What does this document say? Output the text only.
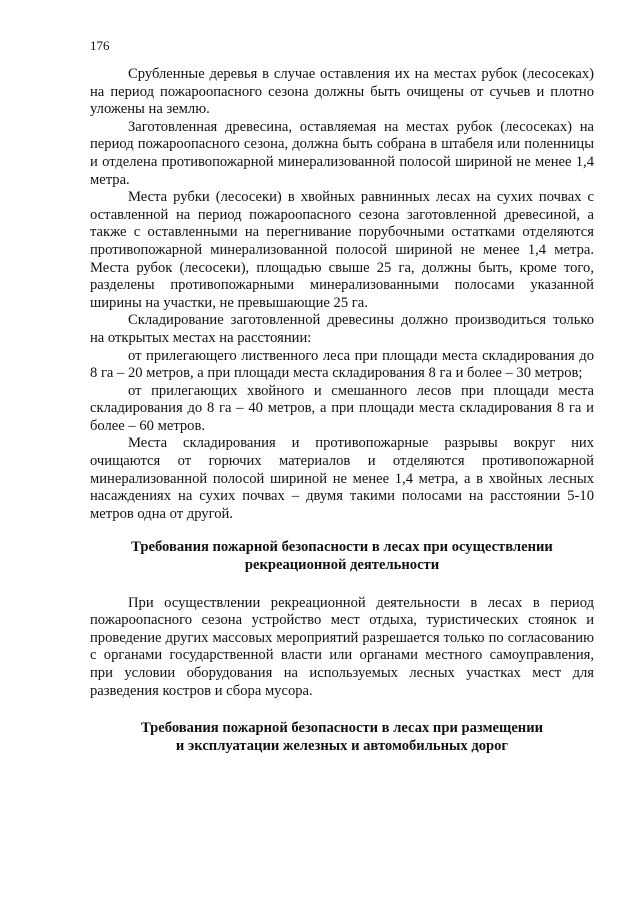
176

Срубленные деревья в случае оставления их на местах рубок (лесосеках) на период пожароопасного сезона должны быть очищены от сучьев и плотно уложены на землю.

Заготовленная древесина, оставляемая на местах рубок (лесосеках) на период пожароопасного сезона, должна быть собрана в штабеля или поленницы и отделена противопожарной минерализованной полосой шириной не менее 1,4 метра.

Места рубки (лесосеки) в хвойных равнинных лесах на сухих почвах с оставленной на период пожароопасного сезона заготовленной древесиной, а также с оставленными на перегнивание порубочными остатками отделяются противопожарной минерализованной полосой шириной не менее 1,4 метра. Места рубок (лесосеки), площадью свыше 25 га, должны быть, кроме того, разделены противопожарными минерализованными полосами указанной ширины на участки, не превышающие 25 га.

Складирование заготовленной древесины должно производиться только на открытых местах на расстоянии:

от прилегающего лиственного леса при площади места складирования до 8 га – 20 метров, а при площади места складирования 8 га и более – 30 метров;

от прилегающих хвойного и смешанного лесов при площади места складирования до 8 га – 40 метров, а при площади места складирования 8 га и более – 60 метров.

Места складирования и противопожарные разрывы вокруг них очищаются от горючих материалов и отделяются противопожарной минерализованной полосой шириной не менее 1,4 метра, а в хвойных лесных насаждениях на сухих почвах – двумя такими полосами на расстоянии 5-10 метров одна от другой.

Требования пожарной безопасности в лесах при осуществлении
рекреационной деятельности

При осуществлении рекреационной деятельности в лесах в период пожароопасного сезона устройство мест отдыха, туристических стоянок и проведение других массовых мероприятий разрешается только по согласованию с органами государственной власти или органами местного самоуправления, при условии оборудования на используемых лесных участках мест для разведения костров и сбора мусора.

Требования пожарной безопасности в лесах при размещении
и эксплуатации железных и автомобильных дорог
